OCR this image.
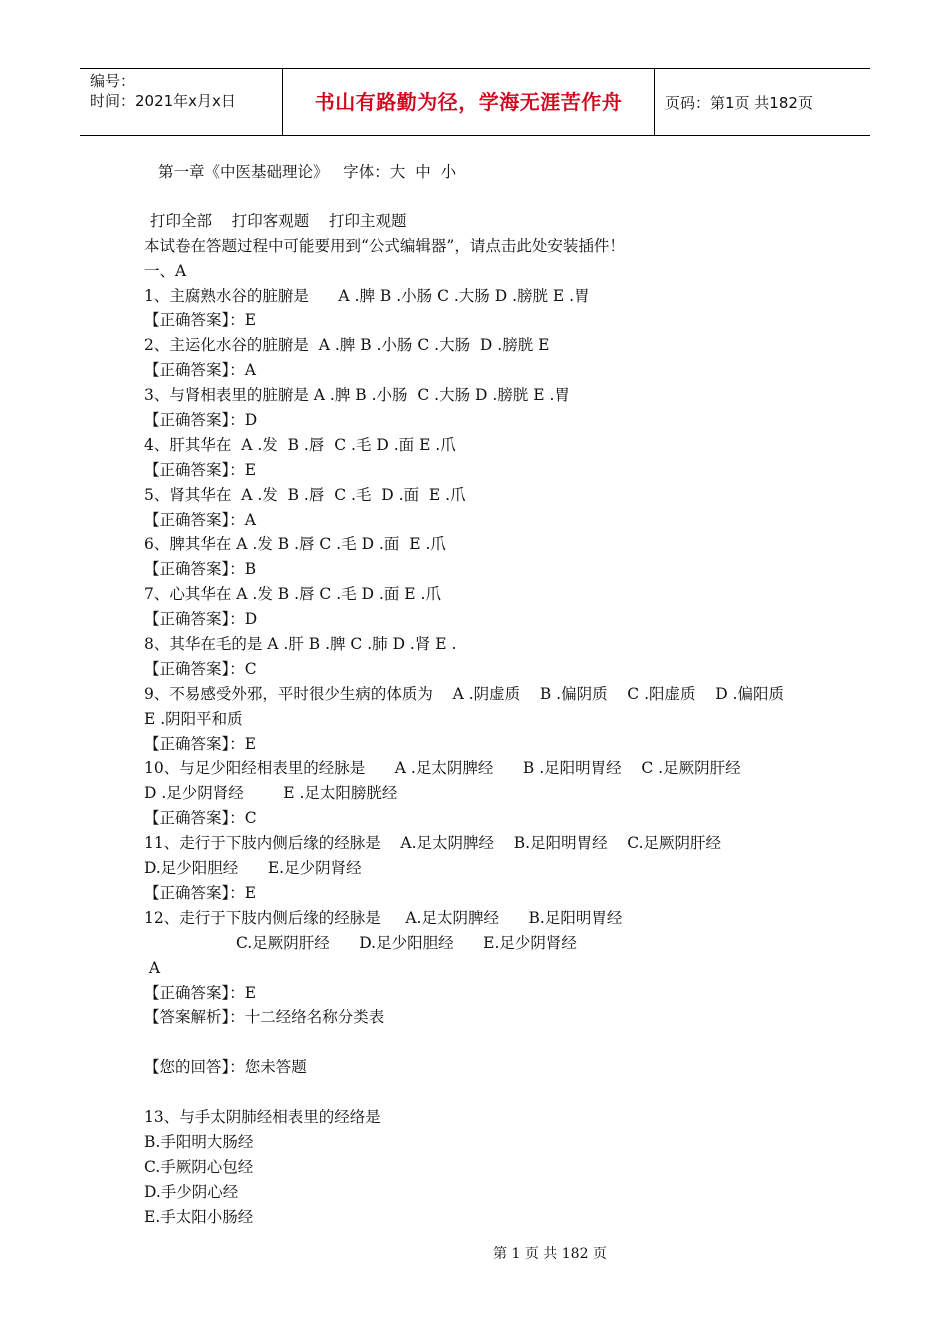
编号：
时间：2021年x月x日	书山有路勤为径，学海无涯苦作舟	页码：第1页 共182页
第一章《中医基础理论》 字体：大 中 小
打印全部 打印客观题 打印主观题
本试卷在答题过程中可能要用到“公式编辑器”，请点击此处安装插件！
一、A
1、主腐熟水谷的脏腑是      A .脾 B .小肠 C .大肠 D .膀胱 E .胃
【正确答案】：E
2、主运化水谷的脏腑是  A .脾 B .小肠 C .大肠  D .膀胱 E
【正确答案】：A
3、与肾相表里的脏腑是 A .脾 B .小肠  C .大肠 D .膀胱 E .胃
【正确答案】：D
4、肝其华在  A .发  B .唇  C .毛 D .面 E .爪
【正确答案】：E
5、肾其华在  A .发  B .唇  C .毛  D .面  E .爪
【正确答案】：A
6、脾其华在 A .发 B .唇 C .毛 D .面  E .爪
【正确答案】：B
7、心其华在 A .发 B .唇 C .毛 D .面 E .爪
【正确答案】：D
8、其华在毛的是 A .肝 B .脾 C .肺 D .肾 E .
【正确答案】：C
9、不易感受外邪，平时很少生病的体质为    A .阴虚质    B .偏阴质    C .阳虚质    D .偏阳质
E .阴阳平和质
【正确答案】：E
10、与足少阳经相表里的经脉是      A .足太阴脾经      B .足阳明胃经    C .足厥阴肝经
D .足少阴肾经        E .足太阳膀胱经
【正确答案】：C
11、走行于下肢内侧后缘的经脉是    A.足太阴脾经    B.足阳明胃经    C.足厥阴肝经
D.足少阳胆经      E.足少阴肾经
【正确答案】：E
12、走行于下肢内侧后缘的经脉是     A.足太阴脾经      B.足阳明胃经
C.足厥阴肝经      D.足少阳胆经      E.足少阴肾经
A
【正确答案】：E
【答案解析】：十二经络名称分类表
【您的回答】：您未答题
13、与手太阴肺经相表里的经络是
B.手阳明大肠经
C.手厥阴心包经
D.手少阴心经
E.手太阳小肠经
第 1 页 共 182 页
